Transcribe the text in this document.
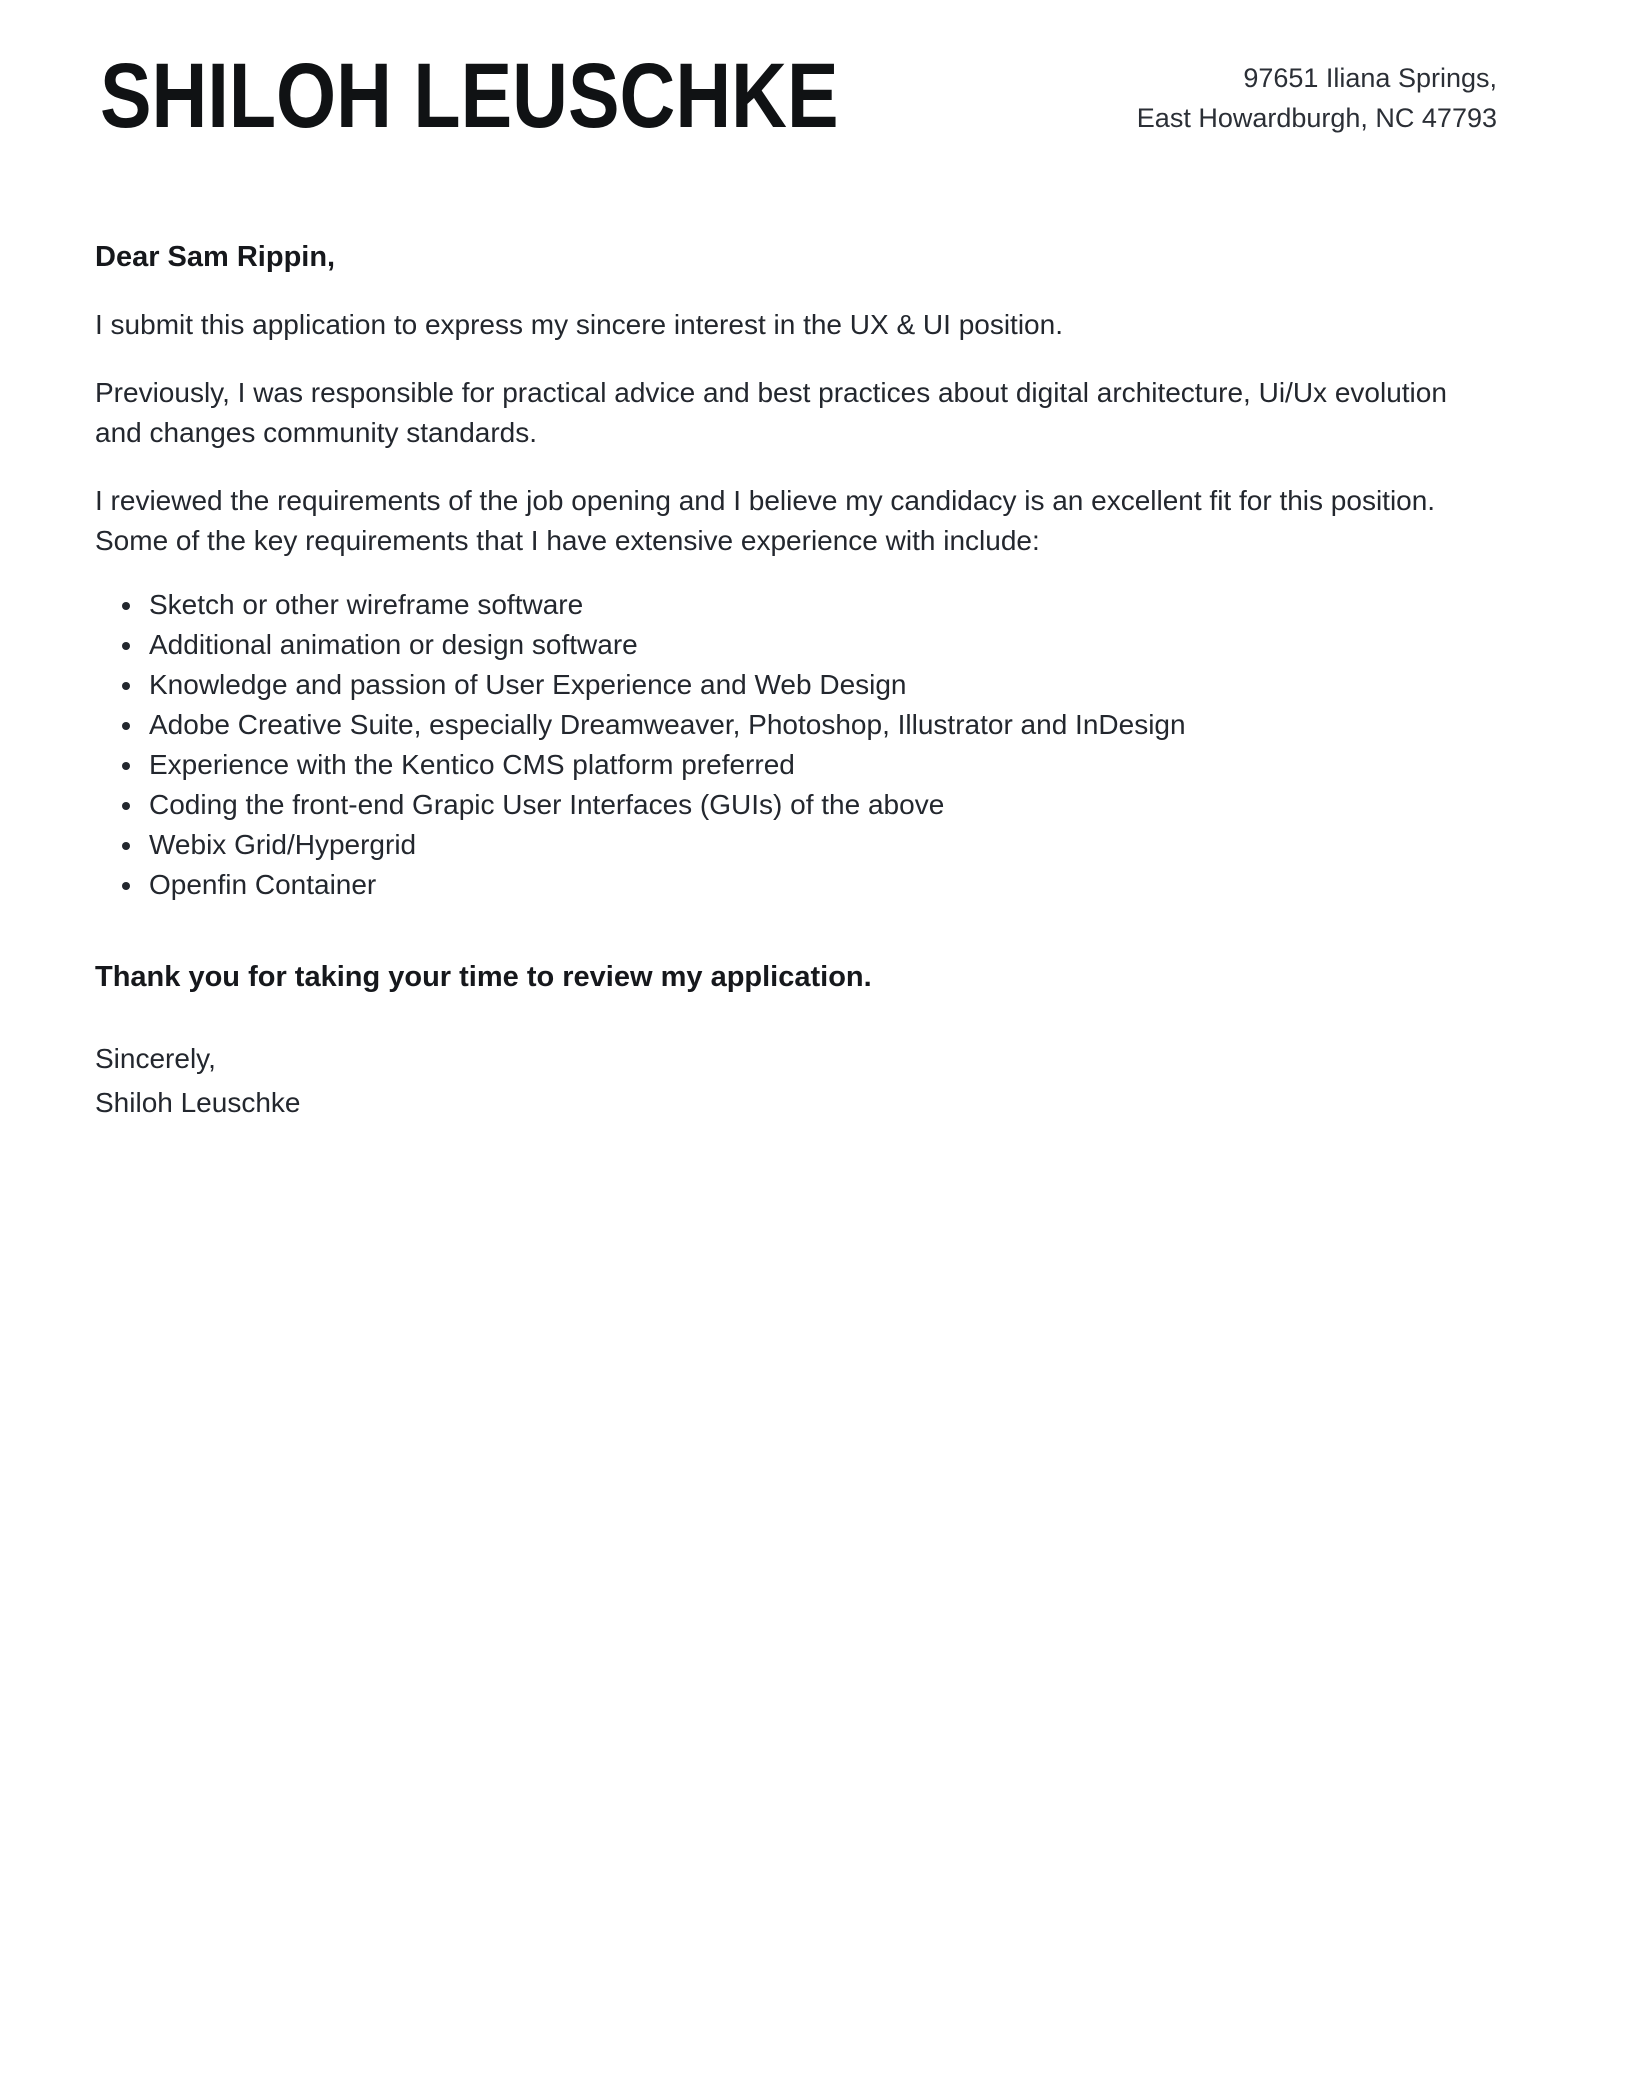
SHILOH LEUSCHKE	97651 Iliana Springs,
East Howardburgh, NC 47793

Dear Sam Rippin,

I submit this application to express my sincere interest in the UX & UI position.

Previously, I was responsible for practical advice and best practices about digital architecture, Ui/Ux evolution and changes community standards.

I reviewed the requirements of the job opening and I believe my candidacy is an excellent fit for this position. Some of the key requirements that I have extensive experience with include:

• Sketch or other wireframe software
• Additional animation or design software
• Knowledge and passion of User Experience and Web Design
• Adobe Creative Suite, especially Dreamweaver, Photoshop, Illustrator and InDesign
• Experience with the Kentico CMS platform preferred
• Coding the front-end Grapic User Interfaces (GUIs) of the above
• Webix Grid/Hypergrid
• Openfin Container

Thank you for taking your time to review my application.

Sincerely,
Shiloh Leuschke
